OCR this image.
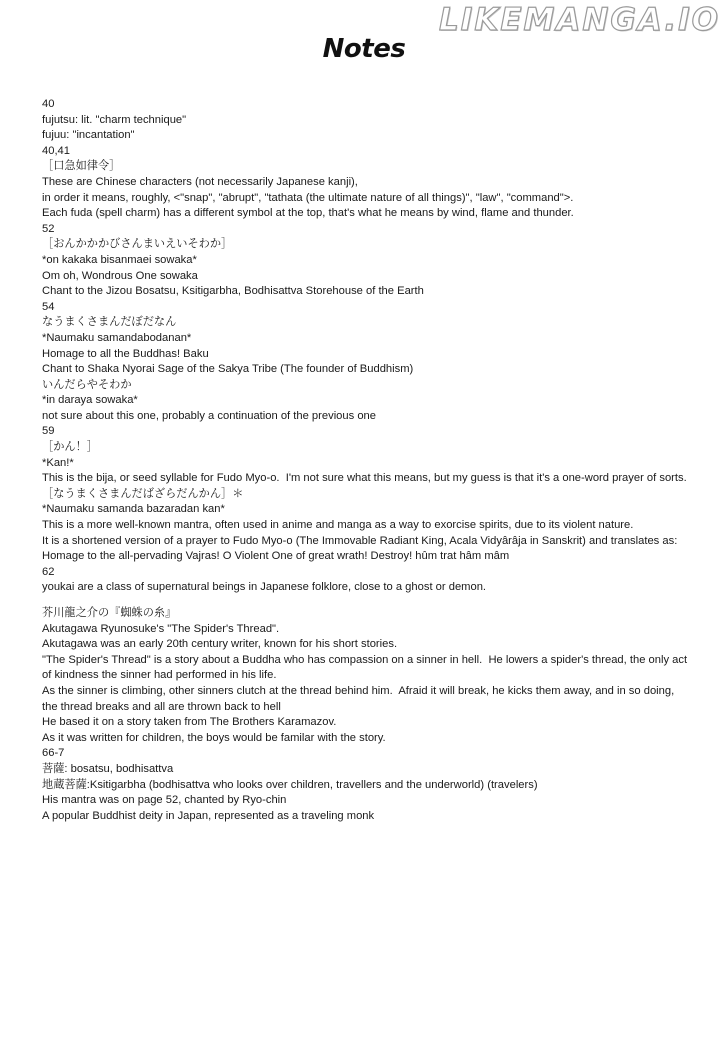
LIKEMANGA.IO
Notes
40
fujutsu: lit. "charm technique"
fujuu: "incantation"
40,41
［口急如律令］
These are Chinese characters (not necessarily Japanese kanji),
in order it means, roughly, <"snap", "abrupt", "tathata (the ultimate nature of all things)", "law", "command">.
Each fuda (spell charm) has a different symbol at the top, that's what he means by wind, flame and thunder.
52
［おんかかかびさんまいえいそわか］
*on kakaka bisanmaei sowaka*
Om oh, Wondrous One sowaka
Chant to the Jizou Bosatsu, Ksitigarbha, Bodhisattva Storehouse of the Earth
54
なうまくさまんだぼだなん
*Naumaku samandabodanan*
Homage to all the Buddhas! Baku
Chant to Shaka Nyorai Sage of the Sakya Tribe (The founder of Buddhism)
いんだらやそわか
*in daraya sowaka*
not sure about this one, probably a continuation of the previous one
59
［かん！］
*Kan!*
This is the bija, or seed syllable for Fudo Myo-o.  I'm not sure what this means, but my guess is that it's a one-word prayer of sorts.
［なうまくさまんだばざらだんかん］＊
*Naumaku samanda bazaradan kan*
This is a more well-known mantra, often used in anime and manga as a way to exorcise spirits, due to its violent nature.
It is a shortened version of a prayer to Fudo Myo-o (The Immovable Radiant King, Acala Vidyârâja in Sanskrit) and translates as:
Homage to the all-pervading Vajras! O Violent One of great wrath! Destroy! hûm trat hâm mâm
62
youkai are a class of supernatural beings in Japanese folklore, close to a ghost or demon.
芥川龍之介の『蜘蛛の糸』
Akutagawa Ryunosuke's "The Spider's Thread".
Akutagawa was an early 20th century writer, known for his short stories.
"The Spider's Thread" is a story about a Buddha who has compassion on a sinner in hell.  He lowers a spider's thread, the only act of kindness the sinner had performed in his life.
As the sinner is climbing, other sinners clutch at the thread behind him.  Afraid it will break, he kicks them away, and in so doing, the thread breaks and all are thrown back to hell
He based it on a story taken from The Brothers Karamazov.
As it was written for children, the boys would be familar with the story.
66-7
菩薩: bosatsu, bodhisattva
地蔵菩薩:Ksitigarbha (bodhisattva who looks over children, travellers and the underworld) (travelers)
His mantra was on page 52, chanted by Ryo-chin
A popular Buddhist deity in Japan, represented as a traveling monk
